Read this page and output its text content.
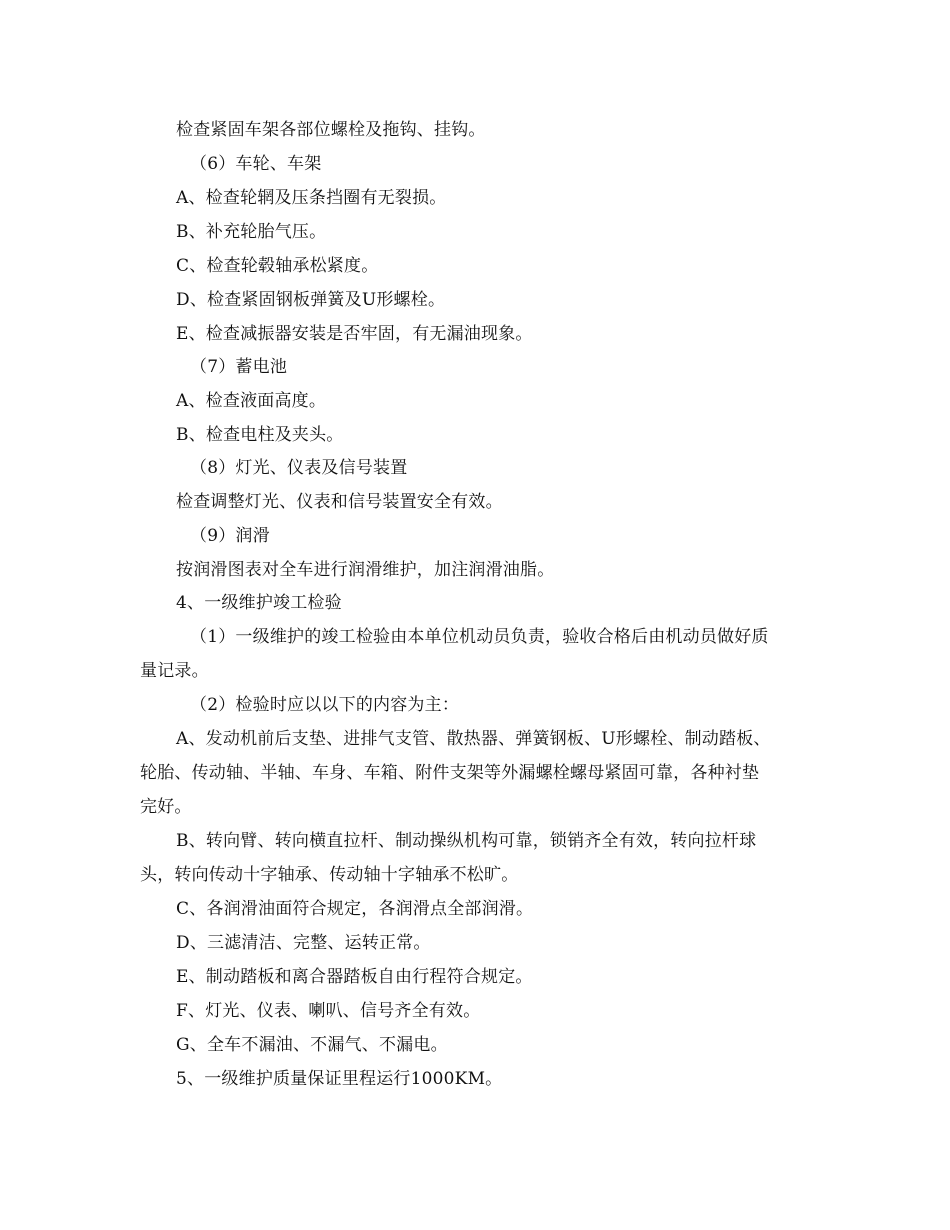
检查紧固车架各部位螺栓及拖钩、挂钩。
（6）车轮、车架
A、检查轮辋及压条挡圈有无裂损。
B、补充轮胎气压。
C、检查轮毂轴承松紧度。
D、检查紧固钢板弹簧及U形螺栓。
E、检查减振器安装是否牢固，有无漏油现象。
（7）蓄电池
A、检查液面高度。
B、检查电柱及夹头。
（8）灯光、仪表及信号装置
检查调整灯光、仪表和信号装置安全有效。
（9）润滑
按润滑图表对全车进行润滑维护，加注润滑油脂。
4、一级维护竣工检验
（1）一级维护的竣工检验由本单位机动员负责，验收合格后由机动员做好质
量记录。
（2）检验时应以以下的内容为主：
A、发动机前后支垫、进排气支管、散热器、弹簧钢板、U形螺栓、制动踏板、
轮胎、传动轴、半轴、车身、车箱、附件支架等外漏螺栓螺母紧固可靠，各种衬垫
完好。
B、转向臂、转向横直拉杆、制动操纵机构可靠，锁销齐全有效，转向拉杆球
头，转向传动十字轴承、传动轴十字轴承不松旷。
C、各润滑油面符合规定，各润滑点全部润滑。
D、三滤清洁、完整、运转正常。
E、制动踏板和离合器踏板自由行程符合规定。
F、灯光、仪表、喇叭、信号齐全有效。
G、全车不漏油、不漏气、不漏电。
5、一级维护质量保证里程运行1000KM。
